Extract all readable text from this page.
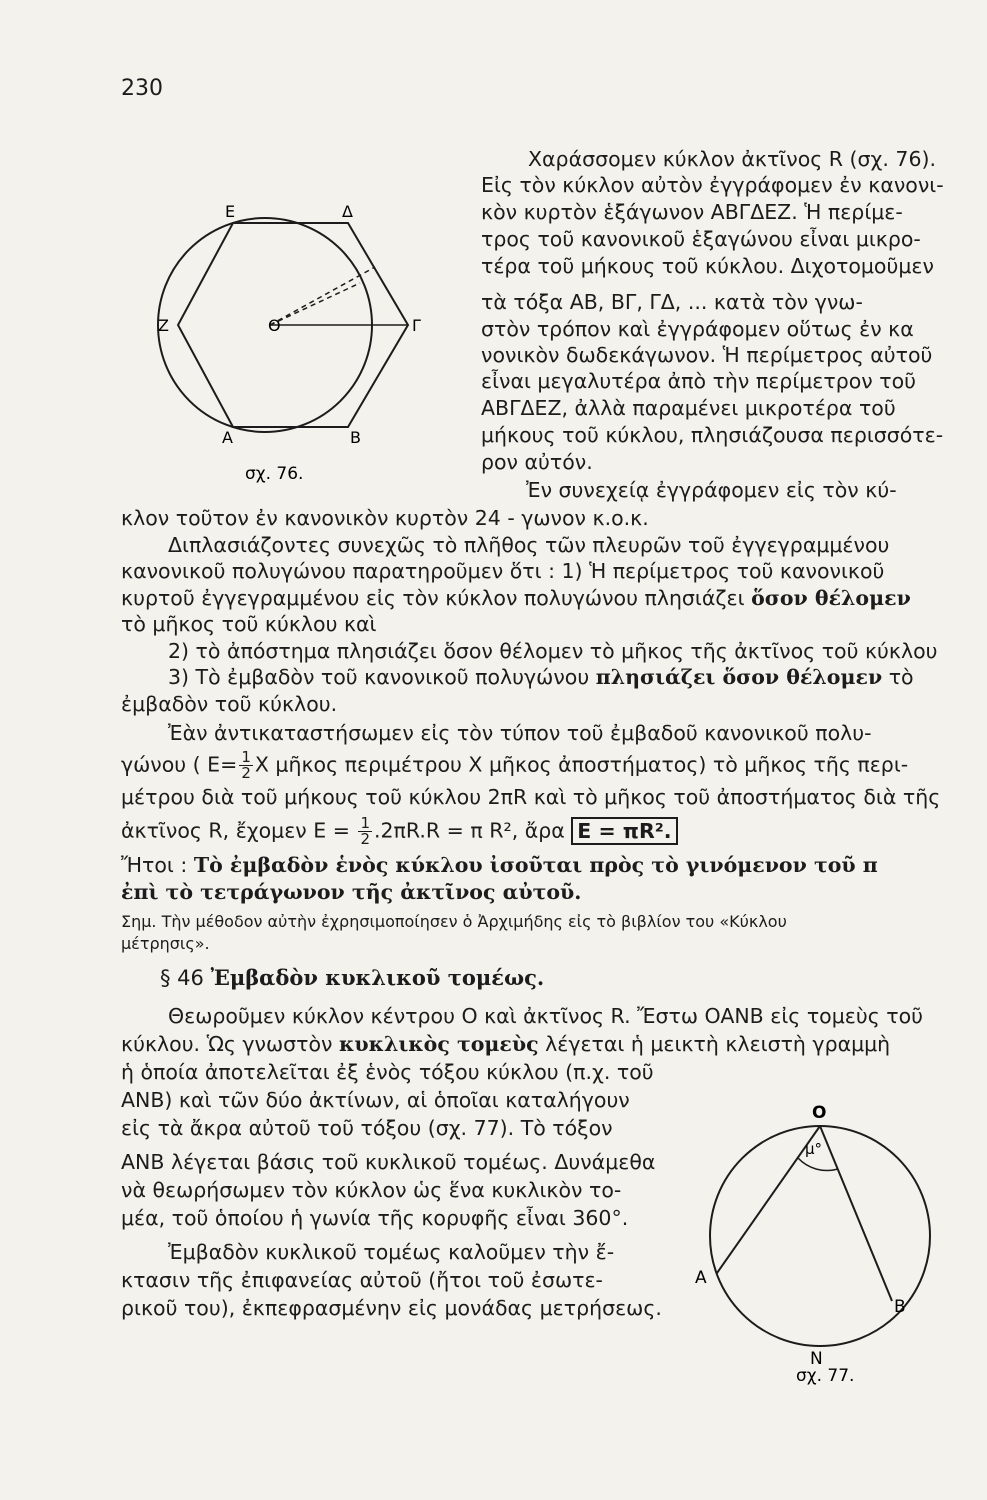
230
E	Δ
Z	O	Γ
A	B
σχ. 76.
Χαράσσομεν κύκλον ἀκτῖνος R (σχ. 76).
Εἰς τὸν κύκλον αὐτὸν ἐγγράφομεν ἐν κανονι-
κὸν κυρτὸν ἑξάγωνον ΑΒΓΔΕΖ. Ἡ περίμε-
τρος τοῦ κανονικοῦ ἑξαγώνου εἶναι μικρο-
τέρα τοῦ μήκους τοῦ κύκλου. Διχοτομοῦμεν
τὰ τόξα ΑΒ, ΒΓ, ΓΔ, ... κατὰ τὸν γνω-
στὸν τρόπον καὶ ἐγγράφομεν οὕτως ἐν κα
νονικὸν δωδεκάγωνον. Ἡ περίμετρος αὐτοῦ
εἶναι μεγαλυτέρα ἀπὸ τὴν περίμετρον τοῦ
ΑΒΓΔΕΖ, ἀλλὰ παραμένει μικροτέρα τοῦ
μήκους τοῦ κύκλου, πλησιάζουσα περισσότε-
ρον αὐτόν.
Ἐν συνεχείᾳ ἐγγράφομεν εἰς τὸν κύ-
κλον τοῦτον ἐν κανονικὸν κυρτὸν 24 - γωνον κ.ο.κ.
Διπλασιάζοντες συνεχῶς τὸ πλῆθος τῶν πλευρῶν τοῦ ἐγγεγραμμένου
κανονικοῦ πολυγώνου παρατηροῦμεν ὅτι : 1) Ἡ περίμετρος τοῦ κανονικοῦ
κυρτοῦ ἐγγεγραμμένου εἰς τὸν κύκλον πολυγώνου πλησιάζει ὅσον θέλομεν
τὸ μῆκος τοῦ κύκλου καὶ
2) τὸ ἀπόστημα πλησιάζει ὅσον θέλομεν τὸ μῆκος τῆς ἀκτῖνος τοῦ κύκλου
3) Τὸ ἐμβαδὸν τοῦ κανονικοῦ πολυγώνου πλησιάζει ὅσον θέλομεν τὸ
ἐμβαδὸν τοῦ κύκλου.
Ἐὰν ἀντικαταστήσωμεν εἰς τὸν τύπον τοῦ ἐμβαδοῦ κανονικοῦ πολυ-
γώνου ( $E= \frac{1}{2}$ X μῆκος περιμέτρου X μῆκος ἀποστήματος) τὸ μῆκος τῆς περι-
μέτρου διὰ τοῦ μήκους τοῦ κύκλου 2πR καὶ τὸ μῆκος τοῦ ἀποστήματος διὰ τῆς
ἀκτῖνος R, ἔχομεν $E = \frac{1}{2} .2\pi R.R = \pi$ R², ἄρα E = πR².
Ἤτοι : Τὸ ἐμβαδὸν ἑνὸς κύκλου ἰσοῦται πρὸς τὸ γινόμενον τοῦ π
ἐπὶ τὸ τετράγωνον τῆς ἀκτῖνος αὐτοῦ.
Σημ. Τὴν μέθοδον αὐτὴν ἐχρησιμοποίησεν ὁ Ἀρχιμήδης εἰς τὸ βιβλίον του «Κύκλου
μέτρησις».
§ 46 Ἐμβαδὸν κυκλικοῦ τομέως.
Θεωροῦμεν κύκλον κέντρου O καὶ ἀκτῖνος R. Ἔστω OANB εἰς τομεὺς τοῦ
κύκλου. Ὡς γνωστὸν κυκλικὸς τομεὺς λέγεται ἡ μεικτὴ κλειστὴ γραμμὴ
ἡ ὁποία ἀποτελεῖται ἐξ ἑνὸς τόξου κύκλου (π.χ. τοῦ
ANB) καὶ τῶν δύο ἀκτίνων, αἱ ὁποῖαι καταλήγουν
εἰς τὰ ἄκρα αὐτοῦ τοῦ τόξου (σχ. 77). Τὸ τόξον
ANB λέγεται βάσις τοῦ κυκλικοῦ τομέως. Δυνάμεθα
νὰ θεωρήσωμεν τὸν κύκλον ὡς ἕνα κυκλικὸν το-
μέα, τοῦ ὁποίου ἡ γωνία τῆς κορυφῆς εἶναι 360°.
Ἐμβαδὸν κυκλικοῦ τομέως καλοῦμεν τὴν ἔ-
κτασιν τῆς ἐπιφανείας αὐτοῦ (ἤτοι τοῦ ἐσωτε-
ρικοῦ του), ἐκπεφρασμένην εἰς μονάδας μετρήσεως.
O
μ°
A
B
N
σχ. 77.
